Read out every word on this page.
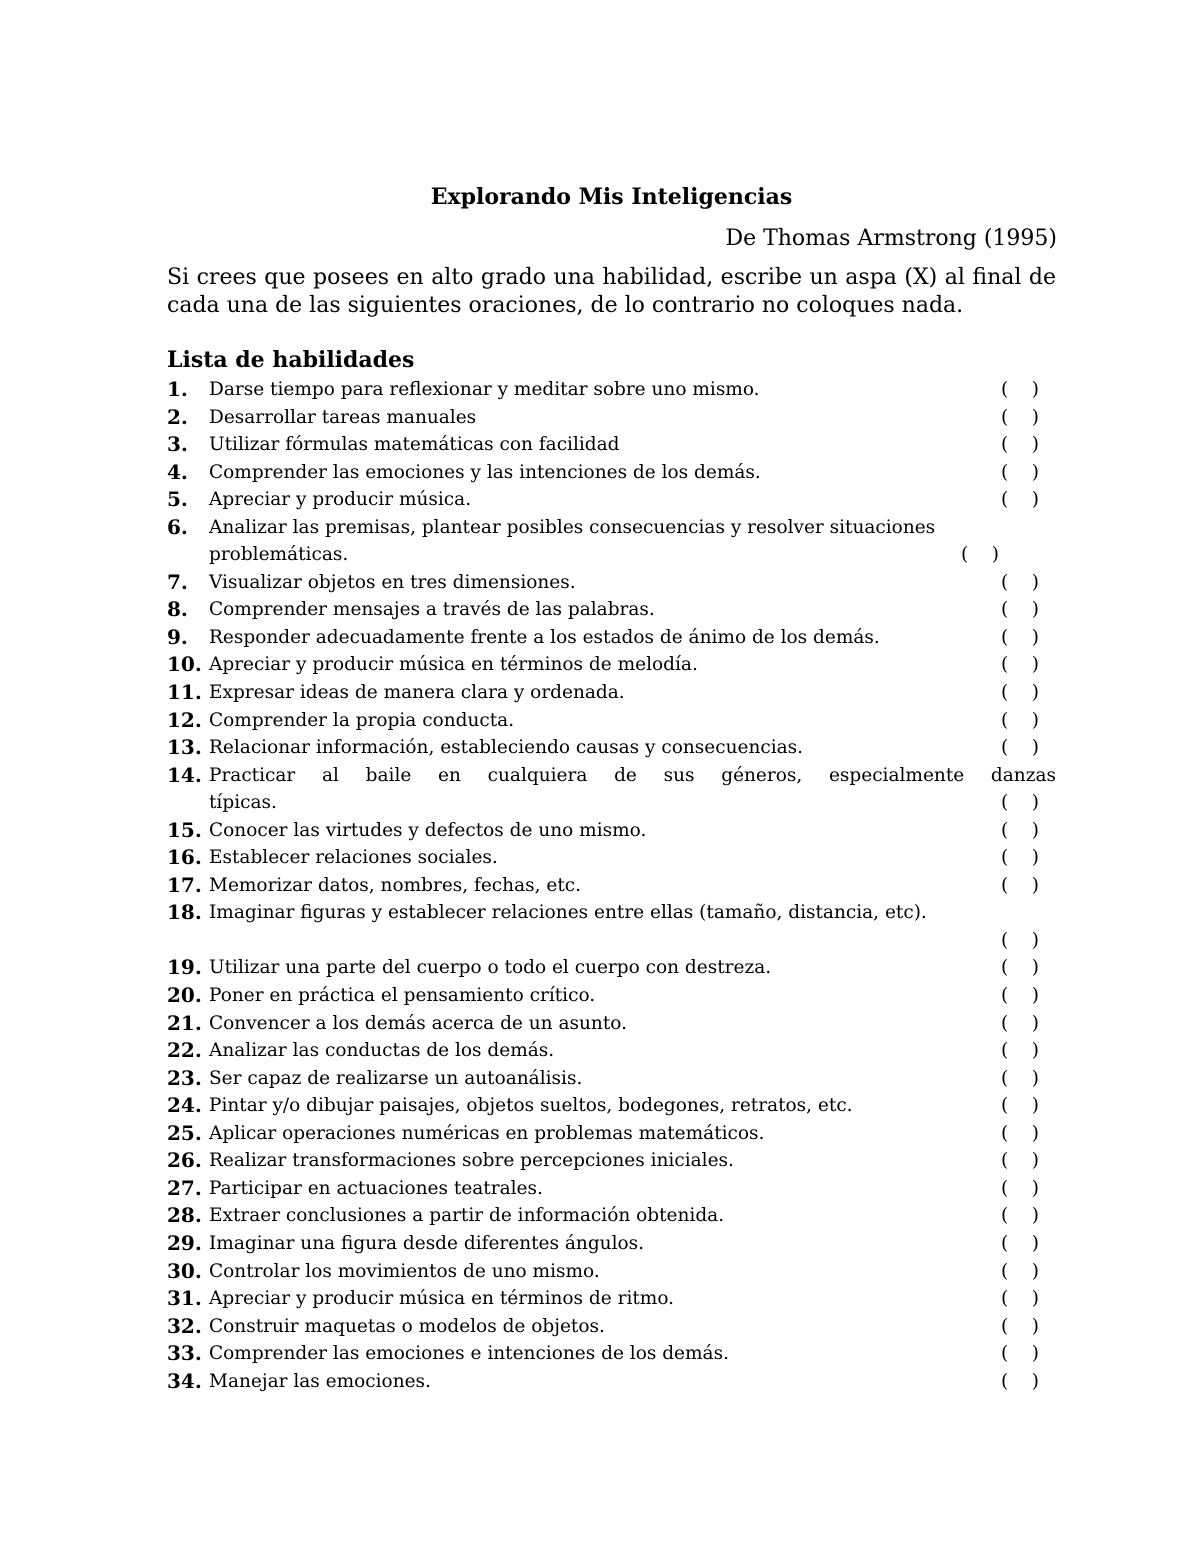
Explorando Mis Inteligencias
De Thomas Armstrong (1995)
Si crees que posees en alto grado una habilidad, escribe un aspa (X) al final de cada una de las siguientes oraciones, de lo contrario no coloques nada.
Lista de habilidades
1. Darse tiempo para reflexionar y meditar sobre uno mismo.	(    )
2. Desarrollar tareas manuales	(    )
3. Utilizar fórmulas matemáticas con facilidad	(    )
4. Comprender las emociones y las intenciones de los demás.	(    )
5. Apreciar y producir música.	(    )
6. Analizar las premisas, plantear posibles consecuencias y resolver situaciones
problemáticas.	(    )
7. Visualizar objetos en tres dimensiones.	(    )
8. Comprender mensajes a través de las palabras.	(    )
9. Responder adecuadamente frente a los estados de ánimo de los demás.	(    )
10. Apreciar y producir música en términos de melodía.	(    )
11. Expresar ideas de manera clara y ordenada.	(    )
12. Comprender la propia conducta.	(    )
13. Relacionar información, estableciendo causas y consecuencias.	(    )
14. Practicar al baile en cualquiera de sus géneros, especialmente danzas
típicas.	(    )
15. Conocer las virtudes y defectos de uno mismo.	(    )
16. Establecer relaciones sociales.	(    )
17. Memorizar datos, nombres, fechas, etc.	(    )
18. Imaginar figuras y establecer relaciones entre ellas (tamaño, distancia, etc).
(    )
19. Utilizar una parte del cuerpo o todo el cuerpo con destreza.	(    )
20. Poner en práctica el pensamiento crítico.	(    )
21. Convencer a los demás acerca de un asunto.	(    )
22. Analizar las conductas de los demás.	(    )
23. Ser capaz de realizarse un autoanálisis.	(    )
24. Pintar y/o dibujar paisajes, objetos sueltos, bodegones, retratos, etc.	(    )
25. Aplicar operaciones numéricas en problemas matemáticos.	(    )
26. Realizar transformaciones sobre percepciones iniciales.	(    )
27. Participar en actuaciones teatrales.	(    )
28. Extraer conclusiones a partir de información obtenida.	(    )
29. Imaginar una figura desde diferentes ángulos.	(    )
30. Controlar los movimientos de uno mismo.	(    )
31. Apreciar y producir música en términos de ritmo.	(    )
32. Construir maquetas o modelos de objetos.	(    )
33. Comprender las emociones e intenciones de los demás.	(    )
34. Manejar las emociones.	(    )
